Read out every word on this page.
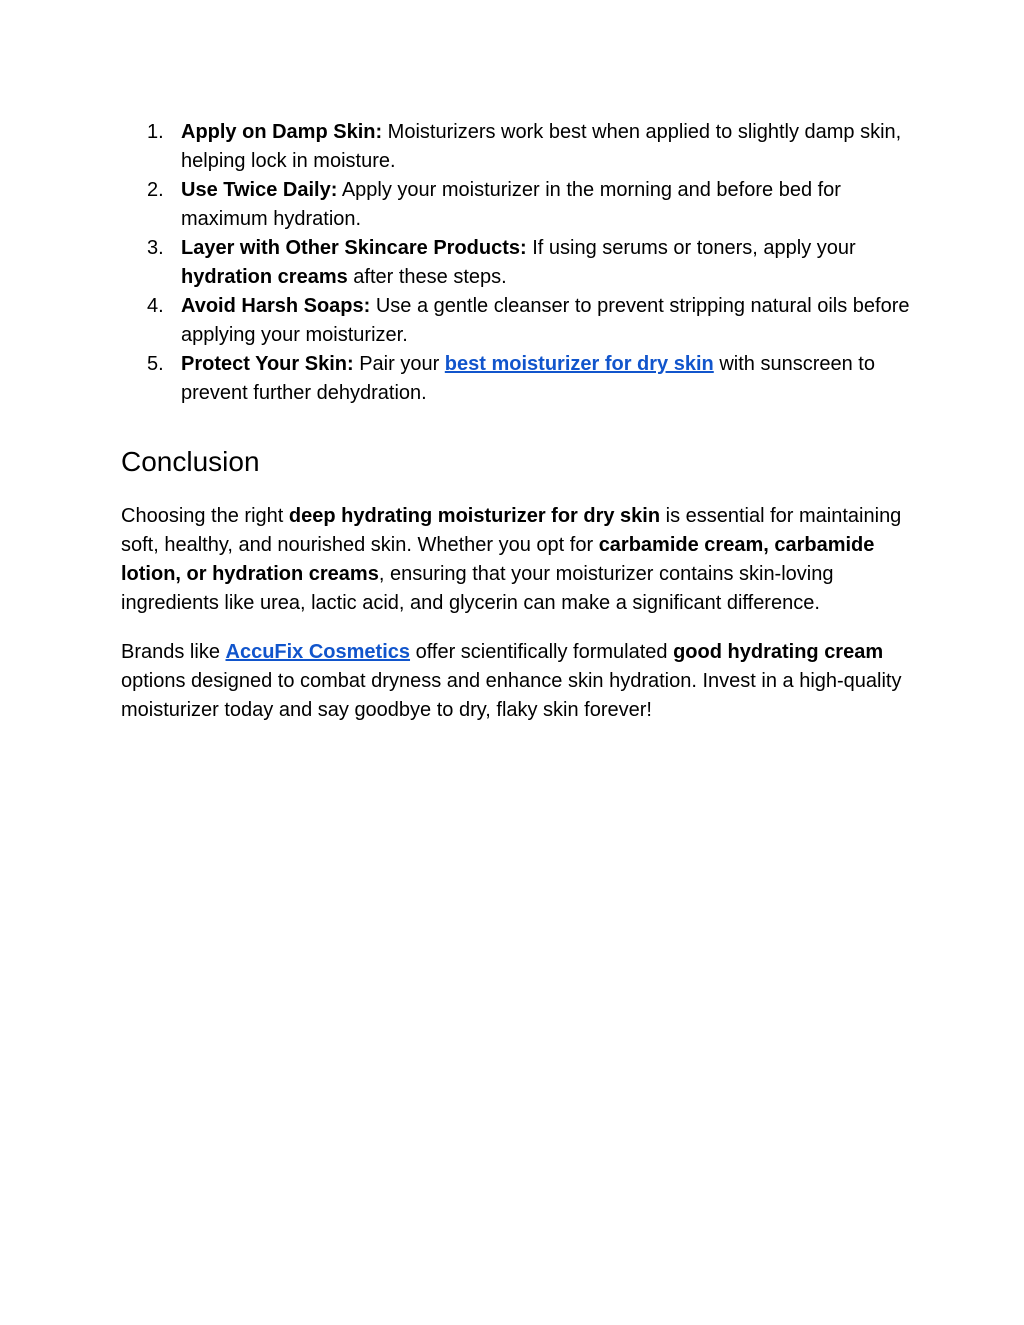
1. Apply on Damp Skin: Moisturizers work best when applied to slightly damp skin, helping lock in moisture.
2. Use Twice Daily: Apply your moisturizer in the morning and before bed for maximum hydration.
3. Layer with Other Skincare Products: If using serums or toners, apply your hydration creams after these steps.
4. Avoid Harsh Soaps: Use a gentle cleanser to prevent stripping natural oils before applying your moisturizer.
5. Protect Your Skin: Pair your best moisturizer for dry skin with sunscreen to prevent further dehydration.
Conclusion

Choosing the right deep hydrating moisturizer for dry skin is essential for maintaining soft, healthy, and nourished skin. Whether you opt for carbamide cream, carbamide lotion, or hydration creams, ensuring that your moisturizer contains skin-loving ingredients like urea, lactic acid, and glycerin can make a significant difference.

Brands like AccuFix Cosmetics offer scientifically formulated good hydrating cream options designed to combat dryness and enhance skin hydration. Invest in a high-quality moisturizer today and say goodbye to dry, flaky skin forever!
